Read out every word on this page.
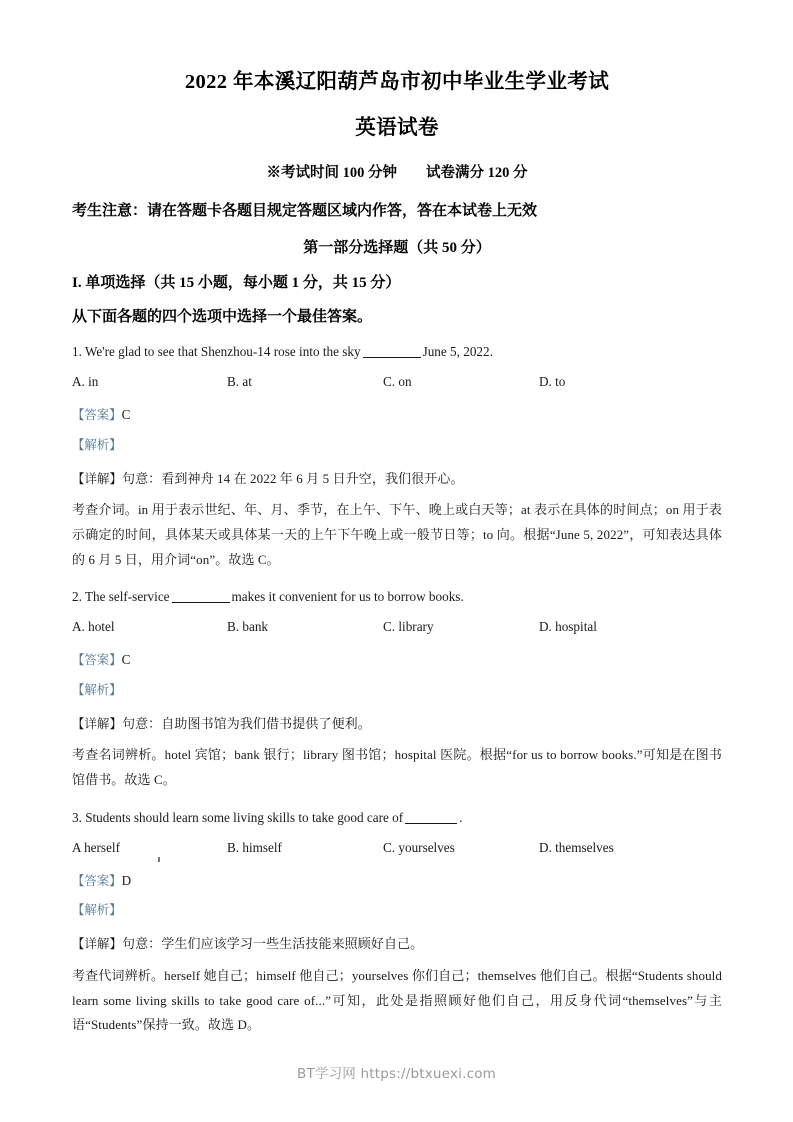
2022 年本溪辽阳葫芦岛市初中毕业生学业考试
英语试卷

※考试时间 100 分钟　　试卷满分 120 分

考生注意：请在答题卡各题目规定答题区域内作答，答在本试卷上无效

第一部分选择题（共 50 分）

I. 单项选择（共 15 小题，每小题 1 分，共 15 分）

从下面各题的四个选项中选择一个最佳答案。

1. We're glad to see that Shenzhou-14 rose into the sky	June 5, 2022.

A. in	B. at	C. on	D. to

【答案】C

【解析】

【详解】句意：看到神舟 14 在 2022 年 6 月 5 日升空，我们很开心。

考查介词。in 用于表示世纪、年、月、季节，在上午、下午、晚上或白天等；at 表示在具体的时间点；on 用于表示确定的时间，具体某天或具体某一天的上午下午晚上或一般节日等；to 向。根据“June 5, 2022”，可知表达具体的 6 月 5 日，用介词“on”。故选 C。

2. The self-service	makes it convenient for us to borrow books.

A. hotel	B. bank	C. library	D. hospital

【答案】C

【解析】

【详解】句意：自助图书馆为我们借书提供了便利。

考查名词辨析。hotel 宾馆；bank 银行；library 图书馆；hospital 医院。根据“for us to borrow books.”可知是在图书馆借书。故选 C。

3. Students should learn some living skills to take good care of	.

A herself	B. himself	C. yourselves	D. themselves

【答案】D

【解析】

【详解】句意：学生们应该学习一些生活技能来照顾好自己。

考查代词辨析。herself 她自己；himself 他自己；yourselves 你们自己；themselves 他们自己。根据“Students should learn some living skills to take good care of...”可知，此处是指照顾好他们自己，用反身代词“themselves”与主语“Students”保持一致。故选 D。

BT学习网 https://btxuexi.com
